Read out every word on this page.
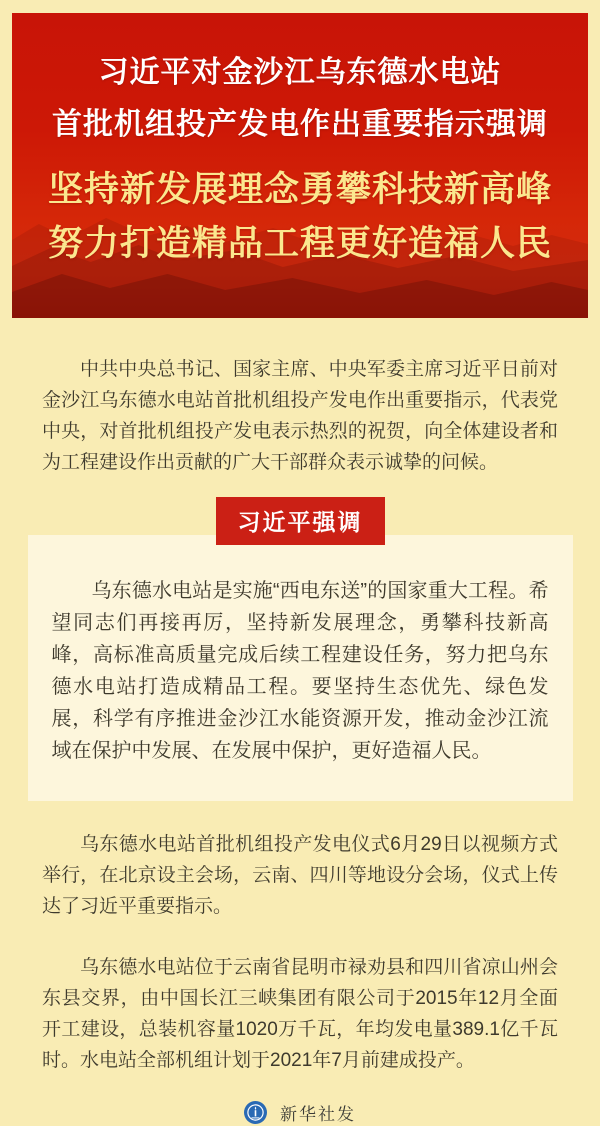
习近平对金沙江乌东德水电站
首批机组投产发电作出重要指示强调
坚持新发展理念勇攀科技新高峰
努力打造精品工程更好造福人民

中共中央总书记、国家主席、中央军委主席习近平日前对金沙江乌东德水电站首批机组投产发电作出重要指示，代表党中央，对首批机组投产发电表示热烈的祝贺，向全体建设者和为工程建设作出贡献的广大干部群众表示诚挚的问候。

习近平强调

乌东德水电站是实施“西电东送”的国家重大工程。希望同志们再接再厉，坚持新发展理念，勇攀科技新高峰，高标准高质量完成后续工程建设任务，努力把乌东德水电站打造成精品工程。要坚持生态优先、绿色发展，科学有序推进金沙江水能资源开发，推动金沙江流域在保护中发展、在发展中保护，更好造福人民。

乌东德水电站首批机组投产发电仪式6月29日以视频方式举行，在北京设主会场，云南、四川等地设分会场，仪式上传达了习近平重要指示。

乌东德水电站位于云南省昆明市禄劝县和四川省凉山州会东县交界，由中国长江三峡集团有限公司于2015年12月全面开工建设，总装机容量1020万千瓦，年均发电量389.1亿千瓦时。水电站全部机组计划于2021年7月前建成投产。

新华社发
